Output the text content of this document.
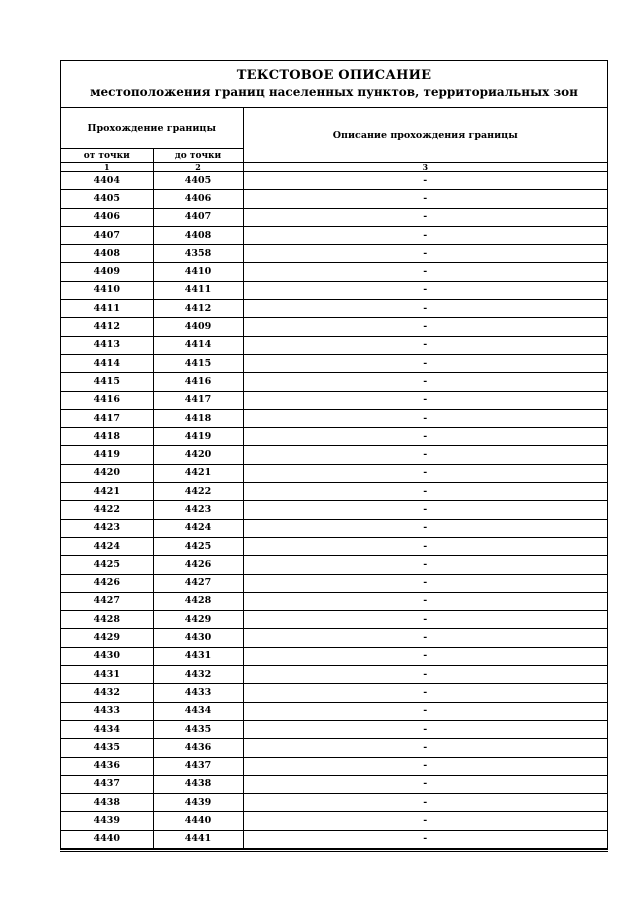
ТЕКСТОВОЕ ОПИСАНИЕ
местоположения границ населенных пунктов, территориальных зон
Прохождение границы		Описание прохождения границы
от точки	до точки	
1	2	3
4404	4405	-
4405	4406	-
4406	4407	-
4407	4408	-
4408	4358	-
4409	4410	-
4410	4411	-
4411	4412	-
4412	4409	-
4413	4414	-
4414	4415	-
4415	4416	-
4416	4417	-
4417	4418	-
4418	4419	-
4419	4420	-
4420	4421	-
4421	4422	-
4422	4423	-
4423	4424	-
4424	4425	-
4425	4426	-
4426	4427	-
4427	4428	-
4428	4429	-
4429	4430	-
4430	4431	-
4431	4432	-
4432	4433	-
4433	4434	-
4434	4435	-
4435	4436	-
4436	4437	-
4437	4438	-
4438	4439	-
4439	4440	-
4440	4441	-
